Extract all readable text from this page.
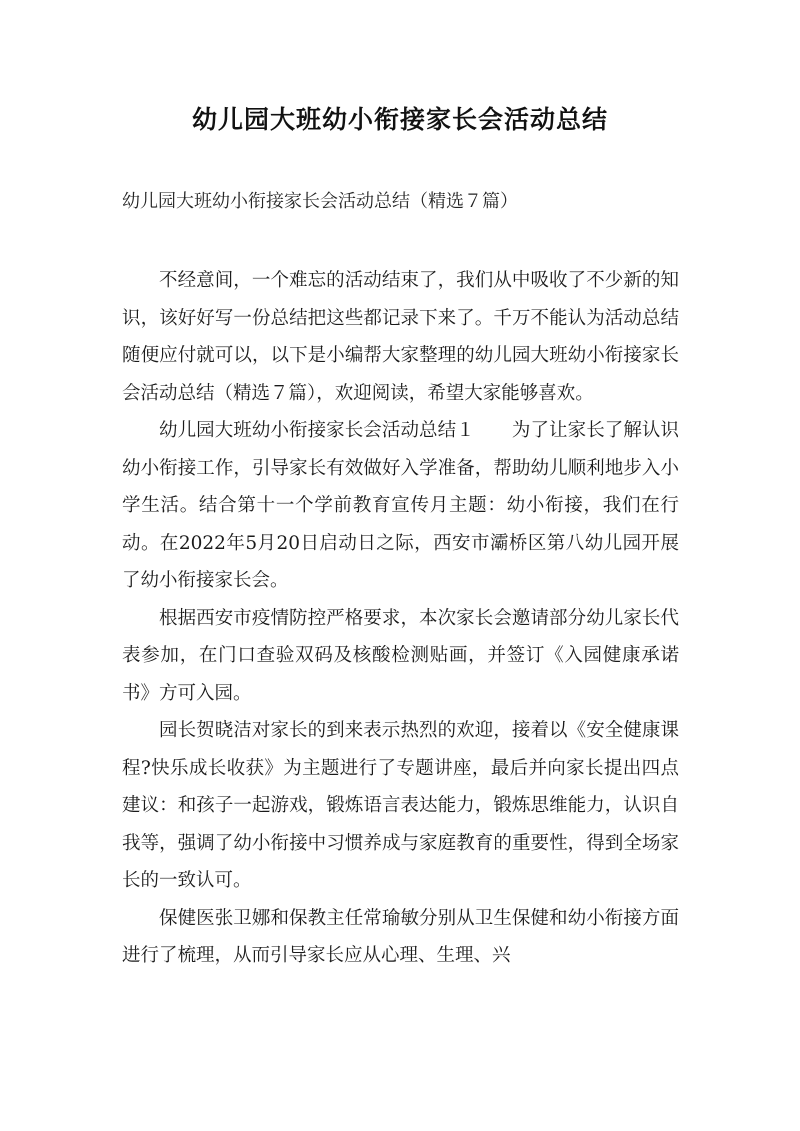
幼儿园大班幼小衔接家长会活动总结

幼儿园大班幼小衔接家长会活动总结（精选７篇）

不经意间，一个难忘的活动结束了，我们从中吸收了不少新的知识，该好好写一份总结把这些都记录下来了。千万不能认为活动总结随便应付就可以，以下是小编帮大家整理的幼儿园大班幼小衔接家长会活动总结（精选７篇），欢迎阅读，希望大家能够喜欢。

幼儿园大班幼小衔接家长会活动总结１　　为了让家长了解认识幼小衔接工作，引导家长有效做好入学准备，帮助幼儿顺利地步入小学生活。结合第十一个学前教育宣传月主题：幼小衔接，我们在行动。在2022年5月20日启动日之际，西安市灞桥区第八幼儿园开展了幼小衔接家长会。

根据西安市疫情防控严格要求，本次家长会邀请部分幼儿家长代表参加，在门口查验双码及核酸检测贴画，并签订《入园健康承诺书》方可入园。

园长贺晓洁对家长的到来表示热烈的欢迎，接着以《安全健康课程?快乐成长收获》为主题进行了专题讲座，最后并向家长提出四点建议：和孩子一起游戏，锻炼语言表达能力，锻炼思维能力，认识自我等，强调了幼小衔接中习惯养成与家庭教育的重要性，得到全场家长的一致认可。

保健医张卫娜和保教主任常瑜敏分别从卫生保健和幼小衔接方面进行了梳理，从而引导家长应从心理、生理、兴
